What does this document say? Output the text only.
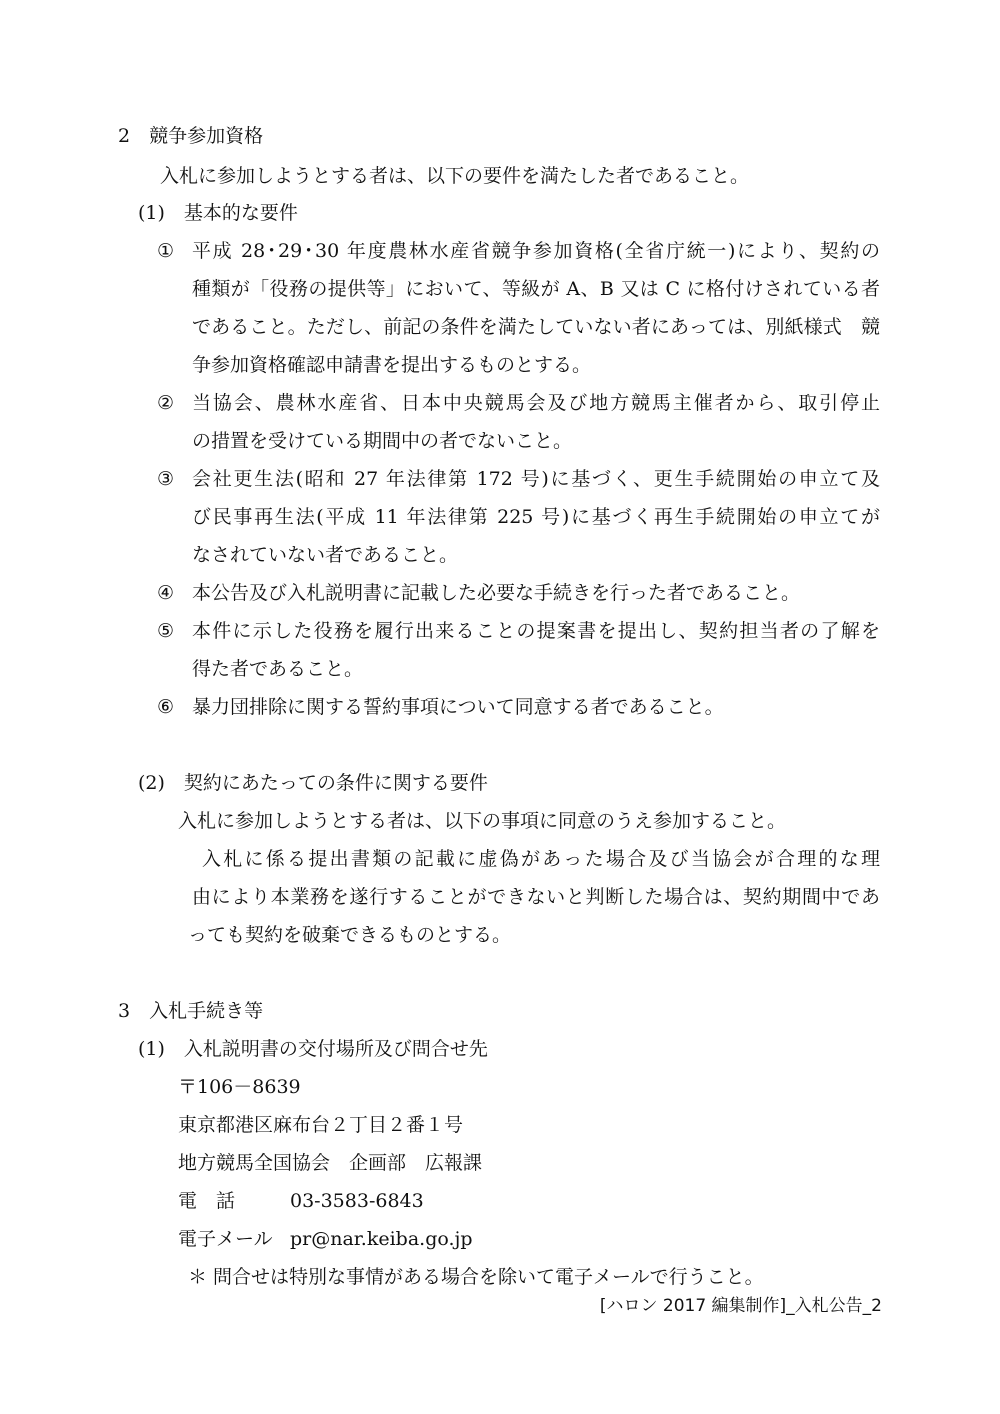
2　競争参加資格
入札に参加しようとする者は、以下の要件を満たした者であること。
(1)　基本的な要件
① 平成 28･29･30 年度農林水産省競争参加資格(全省庁統一)により、契約の
種類が「役務の提供等」において、等級が A、B 又は C に格付けされている者
であること。ただし、前記の条件を満たしていない者にあっては、別紙様式　競
争参加資格確認申請書を提出するものとする。
② 当協会、農林水産省、日本中央競馬会及び地方競馬主催者から、取引停止
の措置を受けている期間中の者でないこと。
③ 会社更生法(昭和 27 年法律第 172 号)に基づく、更生手続開始の申立て及
び民事再生法(平成 11 年法律第 225 号)に基づく再生手続開始の申立てが
なされていない者であること。
④ 本公告及び入札説明書に記載した必要な手続きを行った者であること。
⑤ 本件に示した役務を履行出来ることの提案書を提出し、契約担当者の了解を
得た者であること。
⑥ 暴力団排除に関する誓約事項について同意する者であること。
(2)　契約にあたっての条件に関する要件
入札に参加しようとする者は、以下の事項に同意のうえ参加すること。
入札に係る提出書類の記載に虚偽があった場合及び当協会が合理的な理
由により本業務を遂行することができないと判断した場合は、契約期間中であ
っても契約を破棄できるものとする。
3　入札手続き等
(1)　入札説明書の交付場所及び問合せ先
〒106－8639
東京都港区麻布台２丁目２番１号
地方競馬全国協会　企画部　広報課
電　話	03-3583-6843
電子メール pr@nar.keiba.go.jp
＊ 問合せは特別な事情がある場合を除いて電子メールで行うこと。
[ハロン 2017 編集制作]_入札公告_2
